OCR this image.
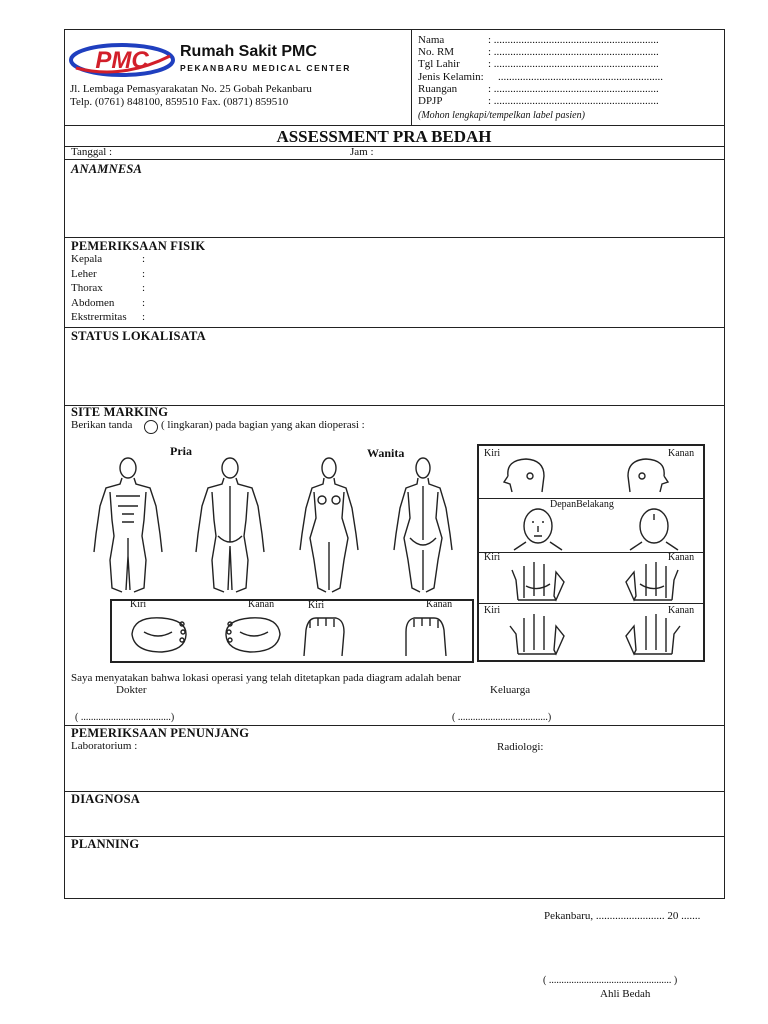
PMC Rumah Sakit PMC
PEKANBARU MEDICAL CENTER
Jl. Lembaga Pemasyarakatan No. 25 Gobah Pekanbaru
Telp. (0761) 848100, 859510 Fax. (0871) 859510
Nama	: ............................................................
No. RM	: ............................................................
Tgl Lahir	: ............................................................
Jenis Kelamin: ............................................................
Ruangan	: ............................................................
DPJP	: ............................................................
(Mohon lengkapi/tempelkan label pasien)
ASSESSMENT PRA BEDAH
Tanggal :	Jam :
ANAMNESA
PEMERIKSAAN FISIK
Kepala	:
Leher	:
Thorax	:
Abdomen	:
Ekstrermitas :
STATUS LOKALISATA
SITE MARKING
Berikan tanda ○ ( lingkaran) pada bagian yang akan dioperasi :
Pria	Wanita
Kiri	Kanan	Kiri	Kanan
Kiri	Kanan
DepanBelakang
Kiri	Kanan
Kiri	Kanan
Saya menyatakan bahwa lokasi operasi yang telah ditetapkan pada diagram adalah benar
Dokter	Keluarga
( ....................................)	( ....................................)
PEMERIKSAAN PENUNJANG
Laboratorium :	Radiologi:
DIAGNOSA
PLANNING
Pekanbaru, ......................... 20 .......
( ................................................. )
Ahli Bedah
